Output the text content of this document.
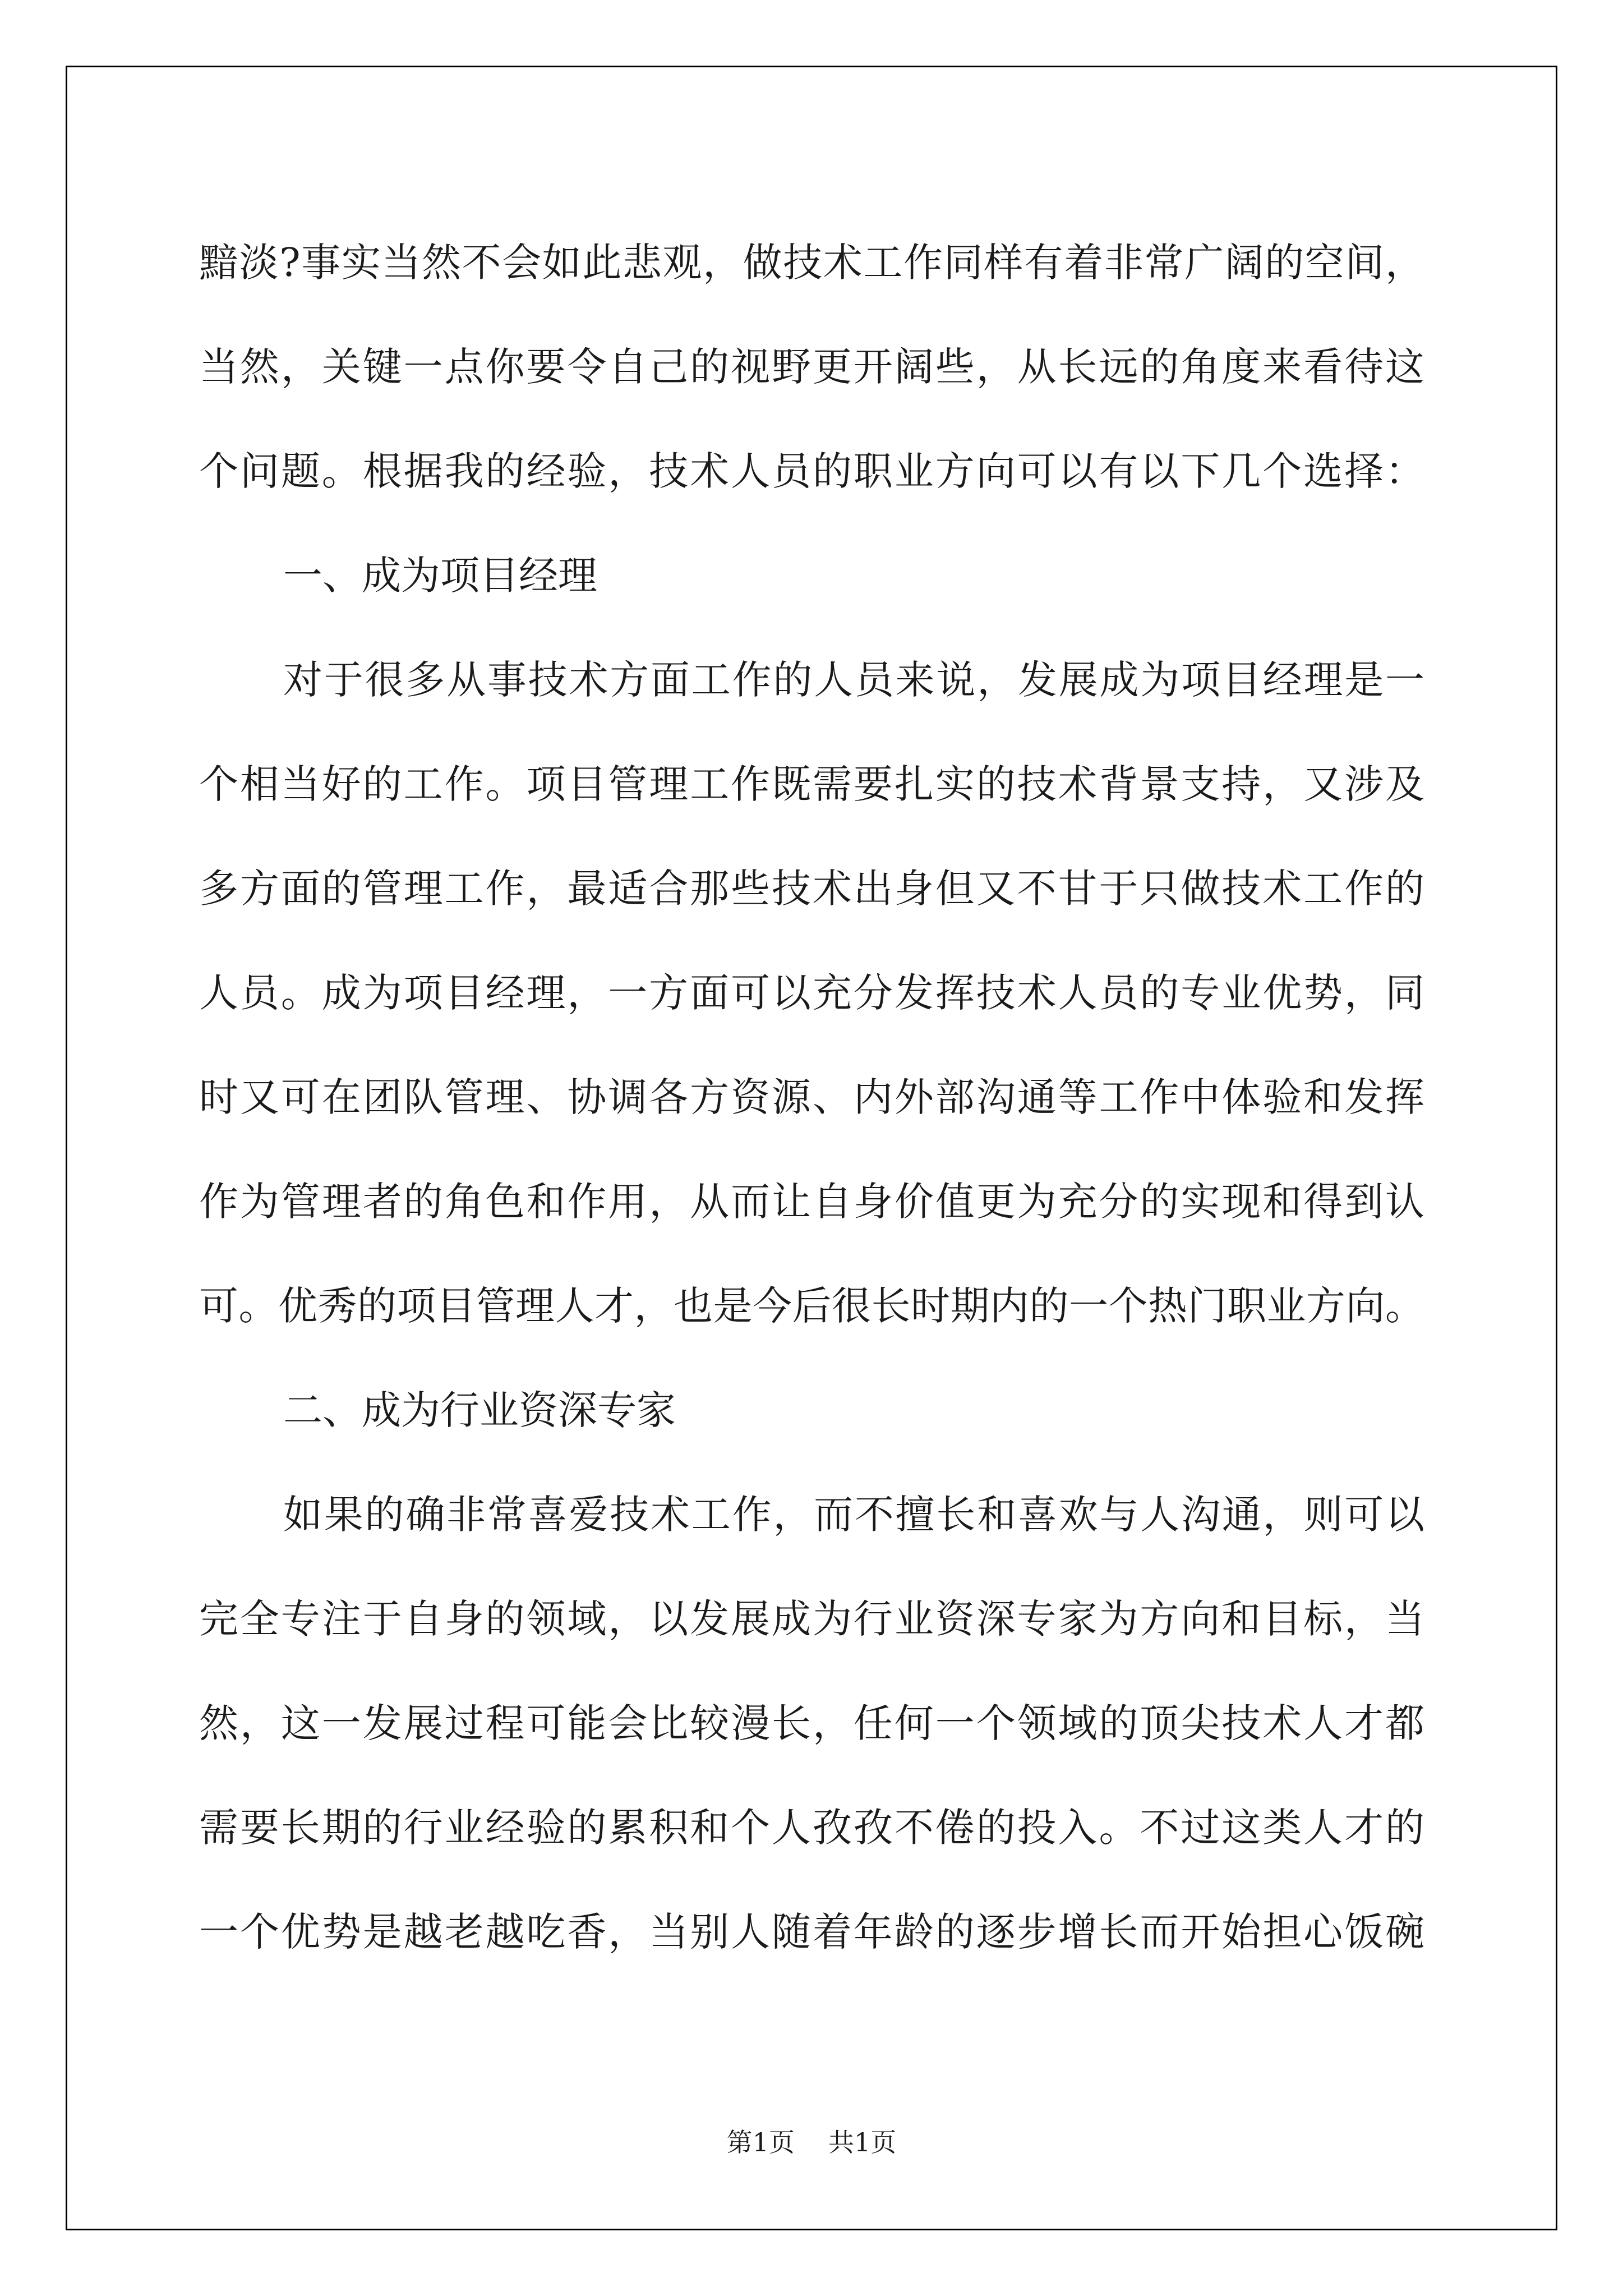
黯淡?事实当然不会如此悲观，做技术工作同样有着非常广阔的空间，
当然，关键一点你要令自己的视野更开阔些，从长远的角度来看待这
个问题。根据我的经验，技术人员的职业方向可以有以下几个选择：
一、成为项目经理
对于很多从事技术方面工作的人员来说，发展成为项目经理是一
个相当好的工作。项目管理工作既需要扎实的技术背景支持，又涉及
多方面的管理工作，最适合那些技术出身但又不甘于只做技术工作的
人员。成为项目经理，一方面可以充分发挥技术人员的专业优势，同
时又可在团队管理、协调各方资源、内外部沟通等工作中体验和发挥
作为管理者的角色和作用，从而让自身价值更为充分的实现和得到认
可。优秀的项目管理人才，也是今后很长时期内的一个热门职业方向。
二、成为行业资深专家
如果的确非常喜爱技术工作，而不擅长和喜欢与人沟通，则可以
完全专注于自身的领域，以发展成为行业资深专家为方向和目标，当
然，这一发展过程可能会比较漫长，任何一个领域的顶尖技术人才都
需要长期的行业经验的累积和个人孜孜不倦的投入。不过这类人才的
一个优势是越老越吃香，当别人随着年龄的逐步增长而开始担心饭碗
第1页 共1页
